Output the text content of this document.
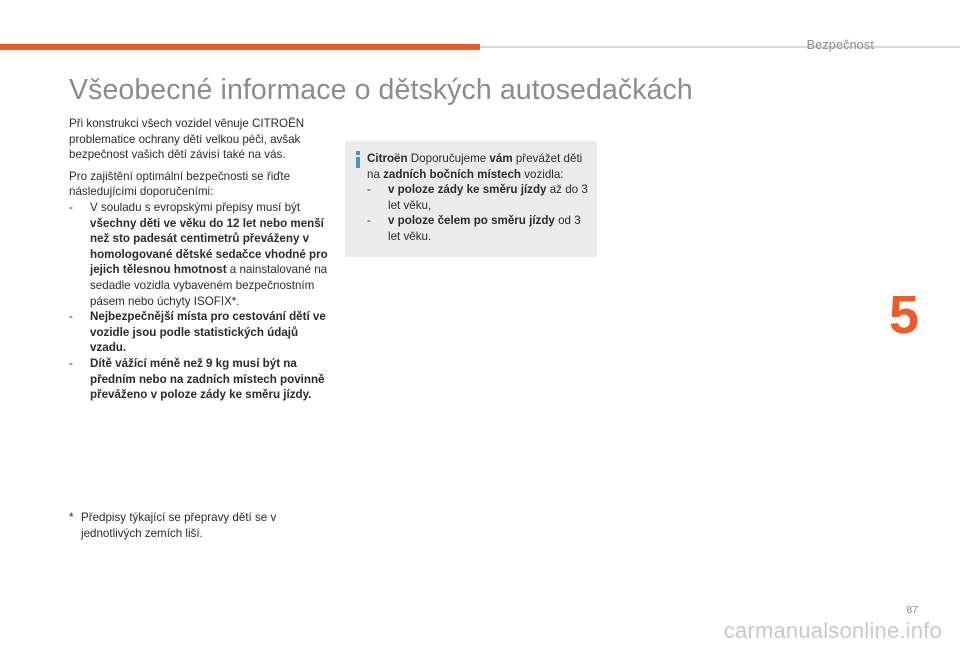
Bezpečnost
5
Všeobecné informace o dětských autosedačkách

Při konstrukci všech vozidel věnuje CITROËN problematice ochrany dětí velkou péči, avšak bezpečnost vašich dětí závisí také na vás.

Pro zajištění optimální bezpečnosti se řiďte následujícími doporučeními:

- V souladu s evropskými přepisy musí být všechny děti ve věku do 12 let nebo menší než sto padesát centimetrů převáženy v homologované dětské sedačce vhodné pro jejich tělesnou hmotnost a nainstalované na sedadle vozidla vybaveném bezpečnostním pásem nebo úchyty ISOFIX*.
- Nejbezpečnější místa pro cestování dětí ve vozidle jsou podle statistických údajů vzadu.
- Dítě vážící méně než 9 kg musí být na předním nebo na zadních místech povinně převáženo v poloze zády ke směru jízdy.
* Předpisy týkající se přepravy dětí se v jednotlivých zemích liší.

Citroën Doporučujeme vám převážet děti na zadních bočních místech vozidla:

- v poloze zády ke směru jízdy až do 3 let věku,
- v poloze čelem po směru jízdy od 3 let věku.
87
carmanualsonline.info
